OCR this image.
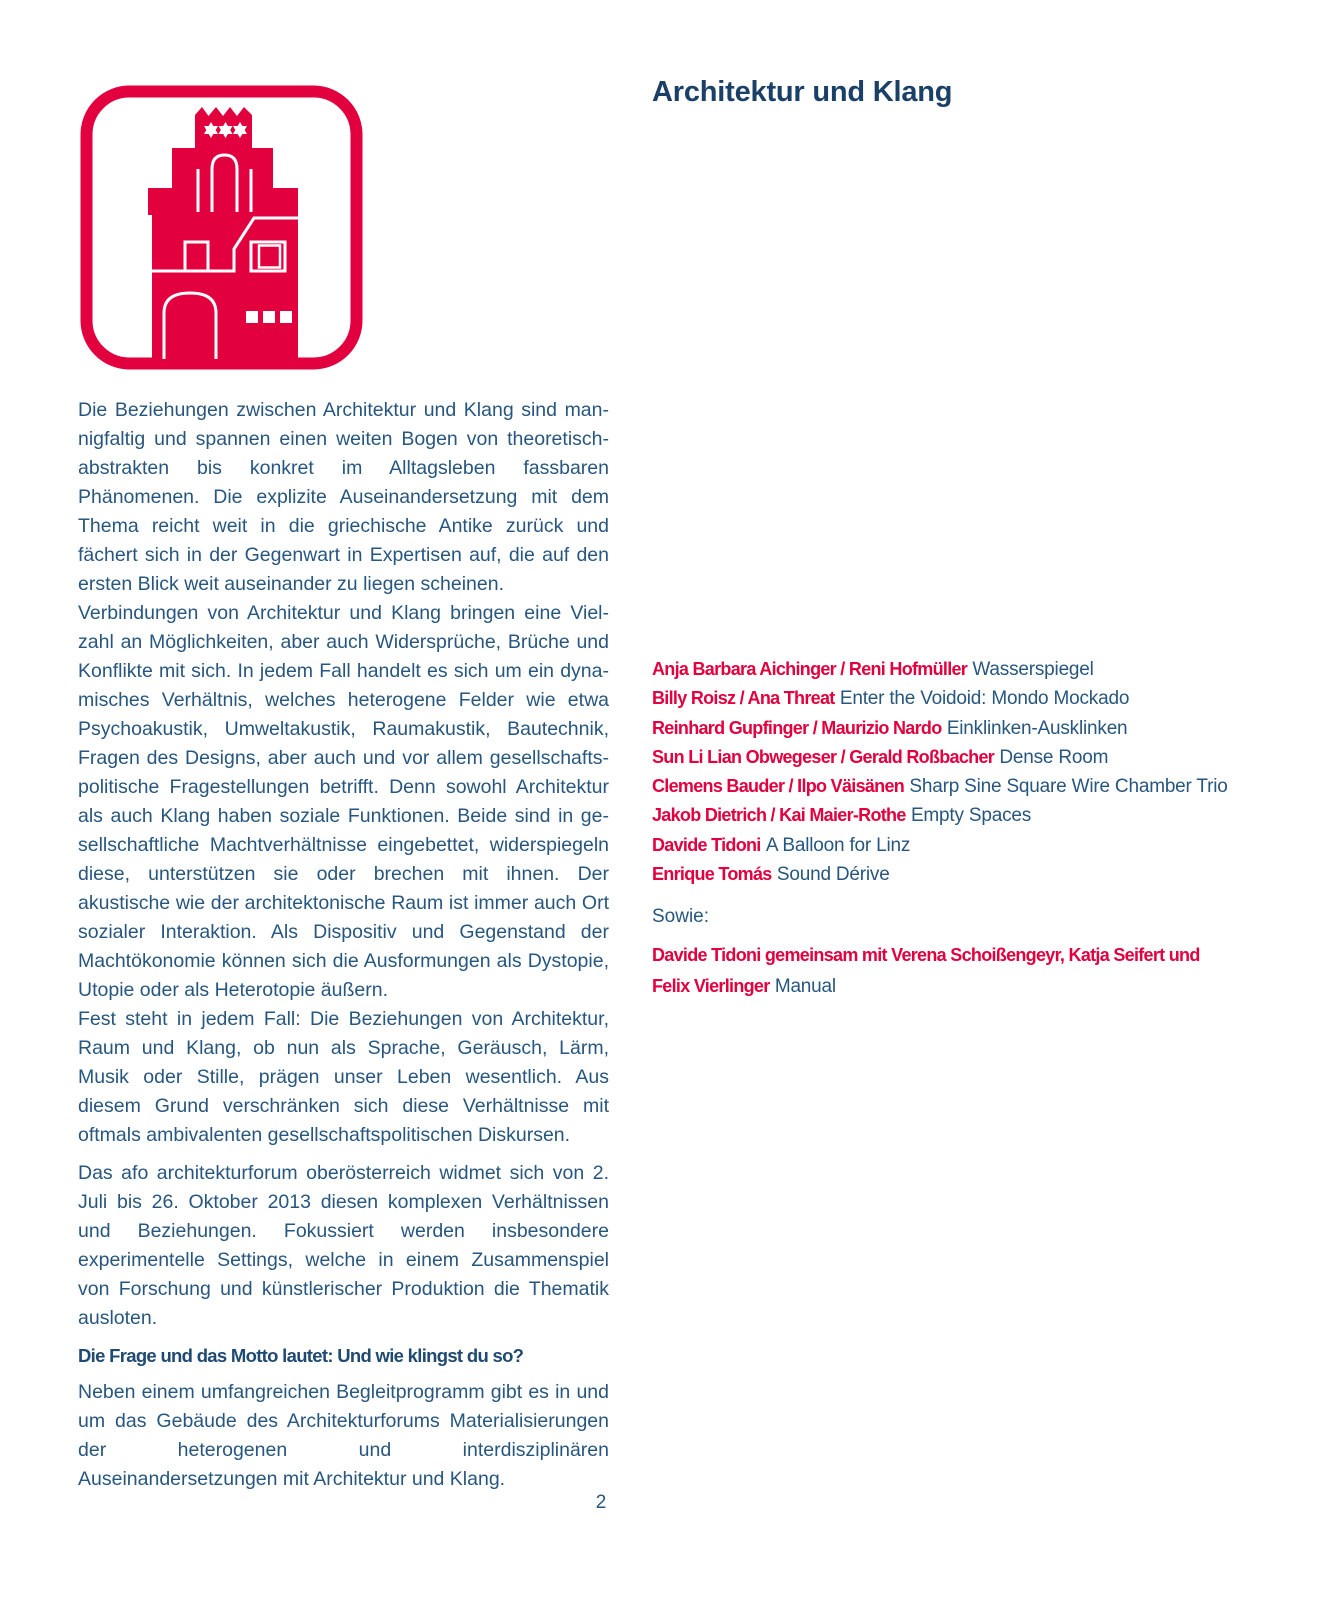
Architektur und Klang

Die Beziehungen zwischen Architektur und Klang sind mannigfaltig und spannen einen weiten Bogen von theoretisch-abstrakten bis konkret im Alltagsleben fassbaren Phänomenen. Die explizite Auseinandersetzung mit dem Thema reicht weit in die griechische Antike zurück und fächert sich in der Gegenwart in Expertisen auf, die auf den ersten Blick weit auseinander zu liegen scheinen.

Verbindungen von Architektur und Klang bringen eine Vielzahl an Möglichkeiten, aber auch Widersprüche, Brüche und Konflikte mit sich. In jedem Fall handelt es sich um ein dynamisches Verhältnis, welches heterogene Felder wie etwa Psychoakustik, Umweltakustik, Raumakustik, Bautechnik, Fragen des Designs, aber auch und vor allem gesellschaftspolitische Fragestellungen betrifft. Denn sowohl Architektur als auch Klang haben soziale Funktionen. Beide sind in gesellschaftliche Machtverhältnisse eingebettet, widerspiegeln diese, unterstützen sie oder brechen mit ihnen. Der akustische wie der architektonische Raum ist immer auch Ort sozialer Interaktion. Als Dispositiv und Gegenstand der Machtökonomie können sich die Ausformungen als Dystopie, Utopie oder als Heterotopie äußern.

Fest steht in jedem Fall: Die Beziehungen von Architektur, Raum und Klang, ob nun als Sprache, Geräusch, Lärm, Musik oder Stille, prägen unser Leben wesentlich. Aus diesem Grund verschränken sich diese Verhältnisse mit oftmals ambivalenten gesellschaftspolitischen Diskursen.

Das afo architekturforum oberösterreich widmet sich von 2. Juli bis 26. Oktober 2013 diesen komplexen Verhältnissen und Beziehungen. Fokussiert werden insbesondere experimentelle Settings, welche in einem Zusammenspiel von Forschung und künstlerischer Produktion die Thematik ausloten.

Die Frage und das Motto lautet: Und wie klingst du so?

Neben einem umfangreichen Begleitprogramm gibt es in und um das Gebäude des Architekturforums Materialisierungen der heterogenen und interdisziplinären Auseinandersetzungen mit Architektur und Klang.

Anja Barbara Aichinger / Reni Hofmüller Wasserspiegel
Billy Roisz / Ana Threat Enter the Voidoid: Mondo Mockado
Reinhard Gupfinger / Maurizio Nardo Einklinken-Ausklinken
Sun Li Lian Obwegeser / Gerald Roßbacher Dense Room
Clemens Bauder / Ilpo Väisänen Sharp Sine Square Wire Chamber Trio
Jakob Dietrich / Kai Maier-Rothe Empty Spaces
Davide Tidoni A Balloon for Linz
Enrique Tomás Sound Dérive
Sowie:
Davide Tidoni gemeinsam mit Verena Schoißengeyr, Katja Seifert und Felix Vierlinger Manual
2
